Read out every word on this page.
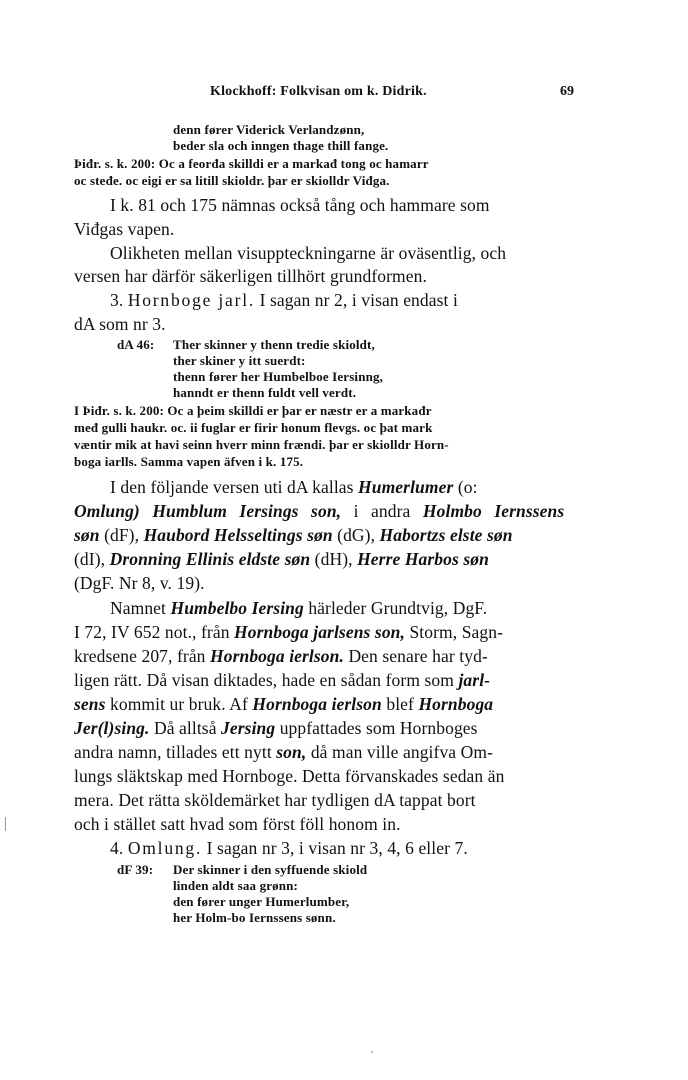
Klockhoff: Folkvisan om k. Didrik.	69
denn fører Viderick Verlandzønn,
beder sla och inngen thage thill fange.
Þiđr. s. k. 200: Oc a feorđa skilldi er a markađ tong oc hamarr
oc steđe. oc eigi er sa litill skioldr. þar er skiolldr Viđga.
I k. 81 och 175 nämnas också tång och hammare som
Viđgas vapen.
Olikheten mellan visuppteckningarne är oväsentlig, och
versen har därför säkerligen tillhört grundformen.
3. Hornboge jarl. I sagan nr 2, i visan endast i
dA som nr 3.
dA 46: Ther skinner y thenn tredie skioldt,
ther skiner y itt suerdt:
thenn fører her Humbelboe Iersinng,
hanndt er thenn fuldt vell verdt.
I Þiđr. s. k. 200: Oc a þeim skilldi er þar er næstr er a markađr
međ gulli haukr. oc. ii fuglar er firir honum flevgs. oc þat mark
væntir mik at havi seinn hverr minn frændi. þar er skiolldr Horn-
boga iarlls. Samma vapen äfven i k. 175.
I den följande versen uti dA kallas Humerlumer (o:
Omlung) Humblum Iersings son, i andra Holmbo Iernssens
søn (dF), Haubord Helsseltings søn (dG), Habortzs elste søn
(dI), Dronning Ellinis eldste søn (dH), Herre Harbos søn
(DgF. Nr 8, v. 19).
Namnet Humbelbo Iersing härleder Grundtvig, DgF.
I 72, IV 652 not., från Hornboga jarlsens son, Storm, Sagn-
kredsene 207, från Hornboga ierlson. Den senare har tyd-
ligen rätt. Då visan diktades, hade en sådan form som jarl-
sens kommit ur bruk. Af Hornboga ierlson blef Hornboga
Jer(l)sing. Då alltså Jersing uppfattades som Hornboges
andra namn, tillades ett nytt son, då man ville angifva Om-
lungs släktskap med Hornboge. Detta förvanskades sedan än
mera. Det rätta sköldemärket har tydligen dA tappat bort
och i stället satt hvad som först föll honom in.
4. Omlung. I sagan nr 3, i visan nr 3, 4, 6 eller 7.
dF 39: Der skinner i den syffuende skiold
linden aldt saa grønn:
den fører unger Humerlumber,
her Holm-bo Iernssens sønn.
